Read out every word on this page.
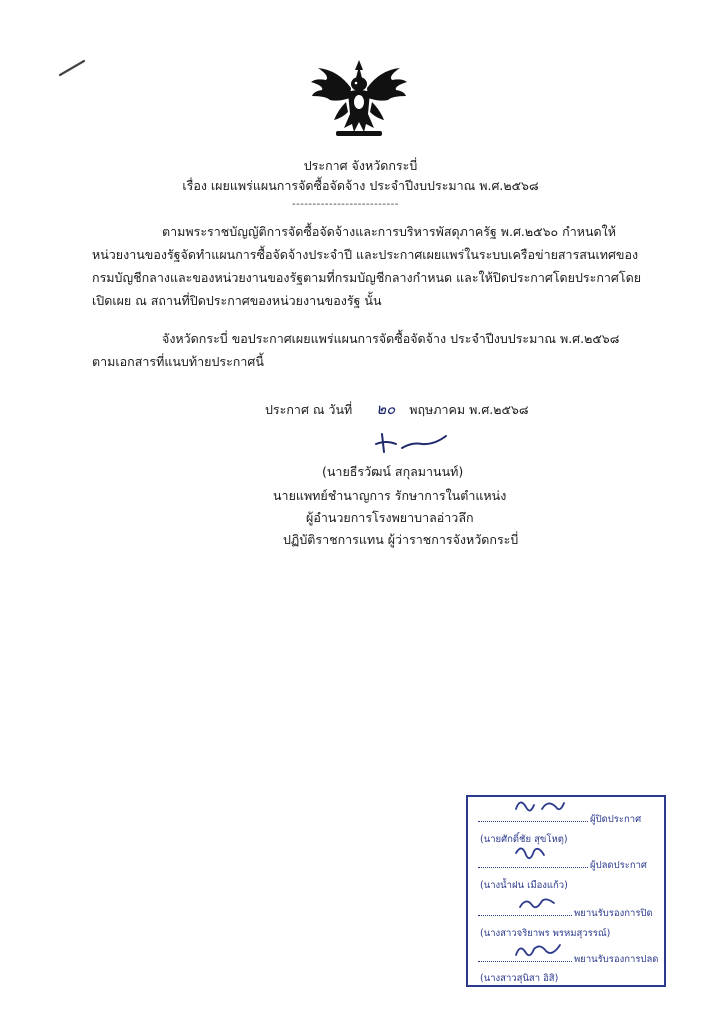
ประกาศ จังหวัดกระบี่
เรื่อง เผยแพร่แผนการจัดซื้อจัดจ้าง ประจำปีงบประมาณ พ.ศ.๒๕๖๘
--------------------------
ตามพระราชบัญญัติการจัดซื้อจัดจ้างและการบริหารพัสดุภาครัฐ พ.ศ.๒๕๖๐ กำหนดให้
หน่วยงานของรัฐจัดทำแผนการซื้อจัดจ้างประจำปี และประกาศเผยแพร่ในระบบเครือข่ายสารสนเทศของ
กรมบัญชีกลางและของหน่วยงานของรัฐตามที่กรมบัญชีกลางกำหนด และให้ปิดประกาศโดยประกาศโดย
เปิดเผย ณ สถานที่ปิดประกาศของหน่วยงานของรัฐ นั้น
จังหวัดกระบี่ ขอประกาศเผยแพร่แผนการจัดซื้อจัดจ้าง ประจำปีงบประมาณ พ.ศ.๒๕๖๘
ตามเอกสารที่แนบท้ายประกาศนี้
ประกาศ ณ วันที่ ๒๐ พฤษภาคม พ.ศ.๒๕๖๘
(นายธีรวัฒน์ สกุลมานนท์)
นายแพทย์ชำนาญการ รักษาการในตำแหน่ง
ผู้อำนวยการโรงพยาบาลอ่าวลึก
ปฏิบัติราชการแทน ผู้ว่าราชการจังหวัดกระบี่
ผู้ปิดประกาศ
(นายศักดิ์ชัย สุขโหตุ)
ผู้ปลดประกาศ
(นางน้ำฝน เมืองแก้ว)
พยานรับรองการปิด
(นางสาวจริยาพร พรหมสุวรรณ์)
พยานรับรองการปลด
(นางสาวสุนิสา อิสิ)
